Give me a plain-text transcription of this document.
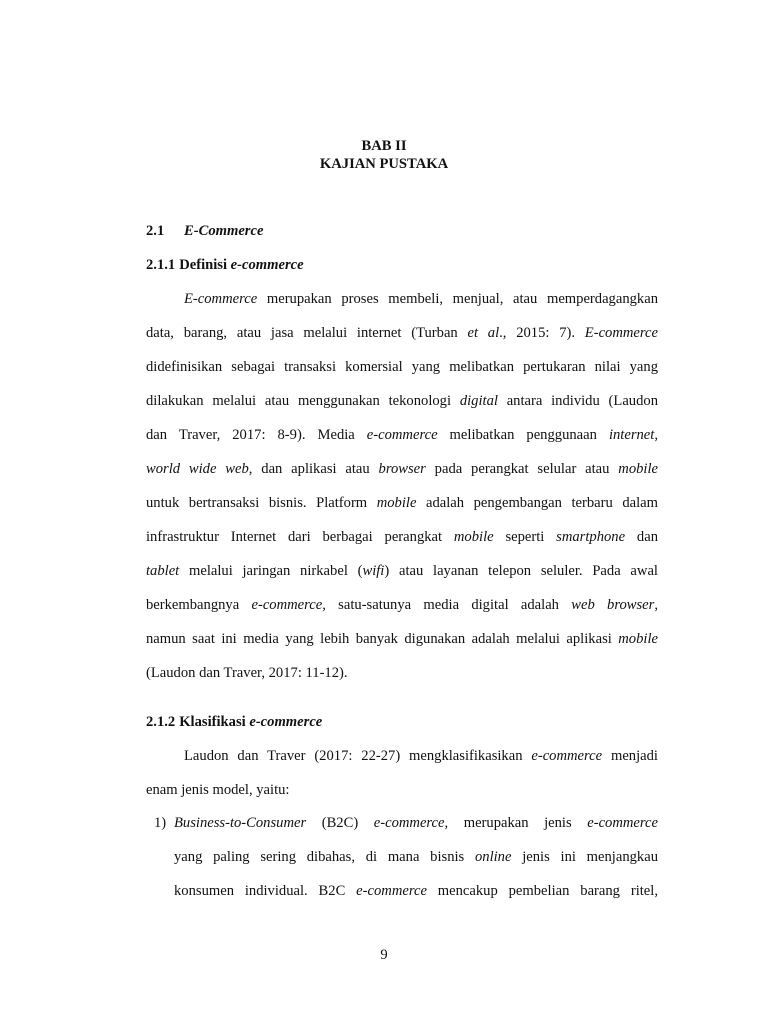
BAB II
KAJIAN PUSTAKA
2.1 E-Commerce
2.1.1 Definisi e-commerce
E-commerce merupakan proses membeli, menjual, atau memperdagangkan
data, barang, atau jasa melalui internet (Turban et al., 2015: 7). E-commerce
didefinisikan sebagai transaksi komersial yang melibatkan pertukaran nilai yang
dilakukan melalui atau menggunakan tekonologi digital antara individu (Laudon
dan Traver, 2017: 8-9). Media e-commerce melibatkan penggunaan internet,
world wide web, dan aplikasi atau browser pada perangkat selular atau mobile
untuk bertransaksi bisnis. Platform mobile adalah pengembangan terbaru dalam
infrastruktur Internet dari berbagai perangkat mobile seperti smartphone dan
tablet melalui jaringan nirkabel (wifi) atau layanan telepon seluler. Pada awal
berkembangnya e-commerce, satu-satunya media digital adalah web browser,
namun saat ini media yang lebih banyak digunakan adalah melalui aplikasi mobile
(Laudon dan Traver, 2017: 11-12).
2.1.2 Klasifikasi e-commerce
Laudon dan Traver (2017: 22-27) mengklasifikasikan e-commerce menjadi
enam jenis model, yaitu:
1) Business-to-Consumer (B2C) e-commerce, merupakan jenis e-commerce
yang paling sering dibahas, di mana bisnis online jenis ini menjangkau
konsumen individual. B2C e-commerce mencakup pembelian barang ritel,
9
